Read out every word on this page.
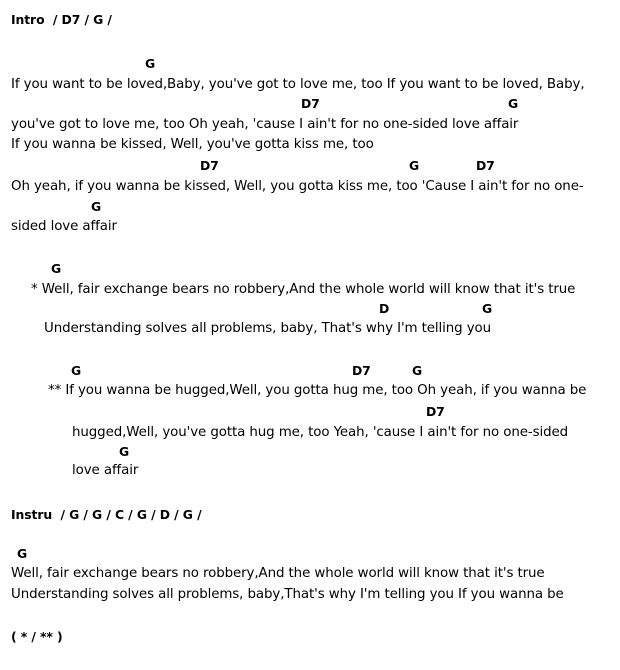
Intro  / D7 / G /
G
If you want to be loved,Baby, you've got to love me, too If you want to be loved, Baby,
D7	G
you've got to love me, too Oh yeah, 'cause I ain't for no one-sided love affair
If you wanna be kissed, Well, you've gotta kiss me, too
D7	G	D7
Oh yeah, if you wanna be kissed, Well, you gotta kiss me, too 'Cause I ain't for no one-
G
sided love affair
G
* Well, fair exchange bears no robbery,And the whole world will know that it's true
D	G
Understanding solves all problems, baby, That's why I'm telling you
G	D7	G
** If you wanna be hugged,Well, you gotta hug me, too Oh yeah, if you wanna be
D7
hugged,Well, you've gotta hug me, too Yeah, 'cause I ain't for no one-sided
G
love affair
Instru  / G / G / C / G / D / G /
G
Well, fair exchange bears no robbery,And the whole world will know that it's true
Understanding solves all problems, baby,That's why I'm telling you If you wanna be
( * / ** )
